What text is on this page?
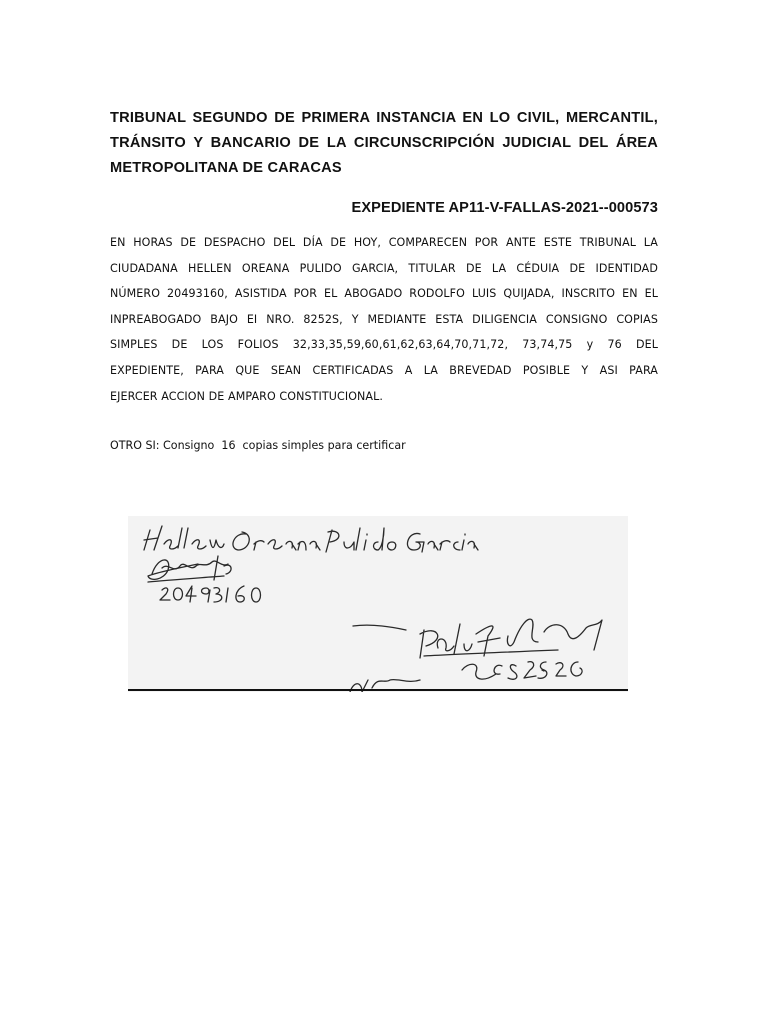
TRIBUNAL SEGUNDO DE PRIMERA INSTANCIA EN LO CIVIL, MERCANTIL,
TRÁNSITO Y BANCARIO DE LA CIRCUNSCRIPCIÓN JUDICIAL DEL ÁREA
METROPOLITANA DE CARACAS
EXPEDIENTE AP11-V-FALLAS-2021--000573
EN HORAS DE DESPACHO DEL DÍA DE HOY, COMPARECEN POR ANTE ESTE TRIBUNAL LA
CIUDADANA HELLEN OREANA PULIDO GARCIA, TITULAR DE LA CÉDUIA DE IDENTIDAD
NÚMERO 20493160, ASISTIDA POR EL ABOGADO RODOLFO LUIS QUIJADA, INSCRITO EN EL
INPREABOGADO BAJO EI NRO. 8252S, Y MEDIANTE ESTA DILIGENCIA CONSIGNO COPIAS
SIMPLES DE LOS FOLIOS 32,33,35,59,60,61,62,63,64,70,71,72, 73,74,75 y 76 DEL
EXPEDIENTE, PARA QUE SEAN CERTIFICADAS A LA BREVEDAD POSIBLE Y ASI PARA
EJERCER ACCION DE AMPARO CONSTITUCIONAL.
OTRO SI: Consigno  16  copias simples para certificar
